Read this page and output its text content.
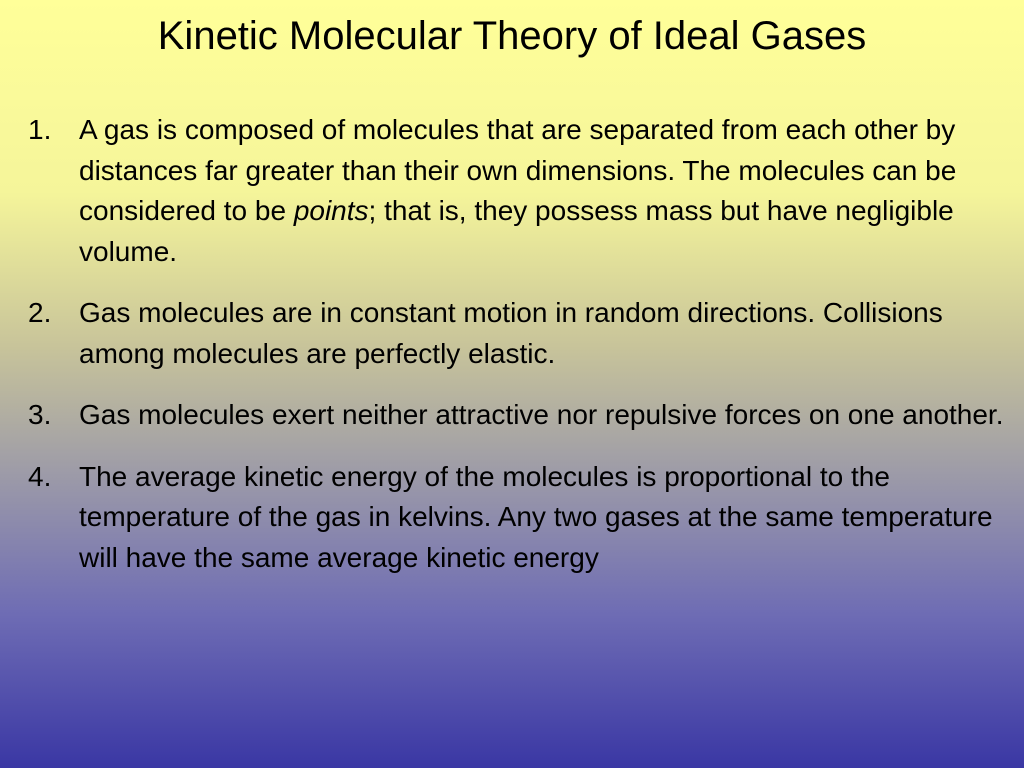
Kinetic Molecular Theory of Ideal Gases
1. A gas is composed of molecules that are separated from each other by distances far greater than their own dimensions. The molecules can be considered to be points; that is, they possess mass but have negligible volume.
2. Gas molecules are in constant motion in random directions. Collisions among molecules are perfectly elastic.
3. Gas molecules exert neither attractive nor repulsive forces on one another.
4. The average kinetic energy of the molecules is proportional to the temperature of the gas in kelvins. Any two gases at the same temperature will have the same average kinetic energy
